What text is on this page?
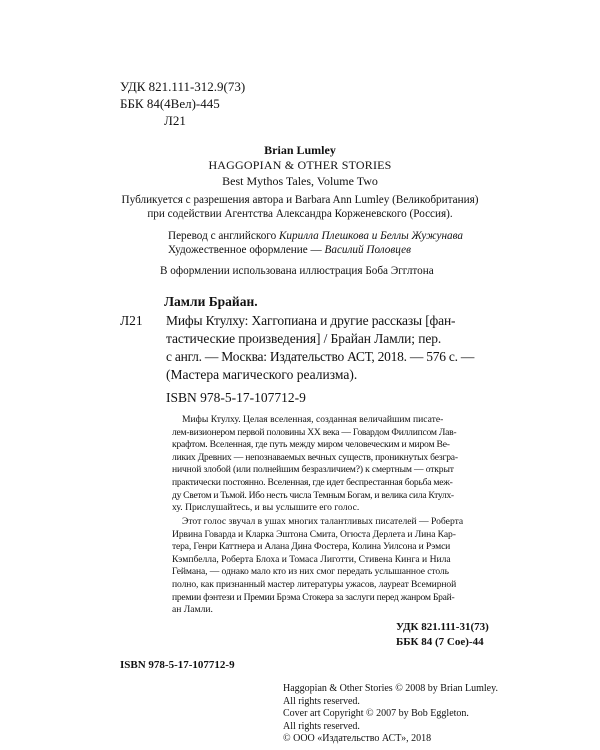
УДК 821.111-312.9(73)
ББК 84(4Вел)-445
Л21
Brian Lumley
HAGGOPIAN & OTHER STORIES
Best Mythos Tales, Volume Two
Публикуется с разрешения автора и Barbara Ann Lumley (Великобритания)
при содействии Агентства Александра Корженевского (Россия).
Перевод с английского Кирилла Плешкова и Беллы Жужунава
Художественное оформление — Василий Половцев
В оформлении использована иллюстрация Боба Эгглтона
Ламли Брайан.
Л21 Мифы Ктулху: Хаггопиана и другие рассказы [фан-
тастические произведения] / Брайан Ламли; пер.
с англ. — Москва: Издательство АСТ, 2018. — 576 с. —
(Мастера магического реализма).
ISBN 978-5-17-107712-9
Мифы Ктулху. Целая вселенная, созданная величайшим писате-
лем-визионером первой половины XX века — Говардом Филлипсом Лав-
крафтом. Вселенная, где путь между миром человеческим и миром Ве-
ликих Древних — непознаваемых вечных существ, проникнутых безгра-
ничной злобой (или полнейшим безразличием?) к смертным — открыт
практически постоянно. Вселенная, где идет беспрестанная борьба меж-
ду Светом и Тьмой. Ибо несть числа Темным Богам, и велика сила Ктулх-
ху. Прислушайтесь, и вы услышите его голос.
Этот голос звучал в ушах многих талантливых писателей — Роберта
Ирвина Говарда и Кларка Эштона Смита, Огюста Дерлета и Лина Кар-
тера, Генри Каттнера и Алана Дина Фостера, Колина Уилсона и Рэмси
Кэмпбелла, Роберта Блоха и Томаса Лиготти, Стивена Кинга и Нила
Геймана, — однако мало кто из них смог передать услышанное столь
полно, как признанный мастер литературы ужасов, лауреат Всемирной
премии фэнтези и Премии Брэма Стокера за заслуги перед жанром Брай-
ан Ламли.
УДК 821.111-31(73)
ББК 84 (7 Сое)-44
ISBN 978-5-17-107712-9
Haggopian & Other Stories © 2008 by Brian Lumley.
All rights reserved.
Cover art Copyright © 2007 by Bob Eggleton.
All rights reserved.
© ООО «Издательство АСТ», 2018
